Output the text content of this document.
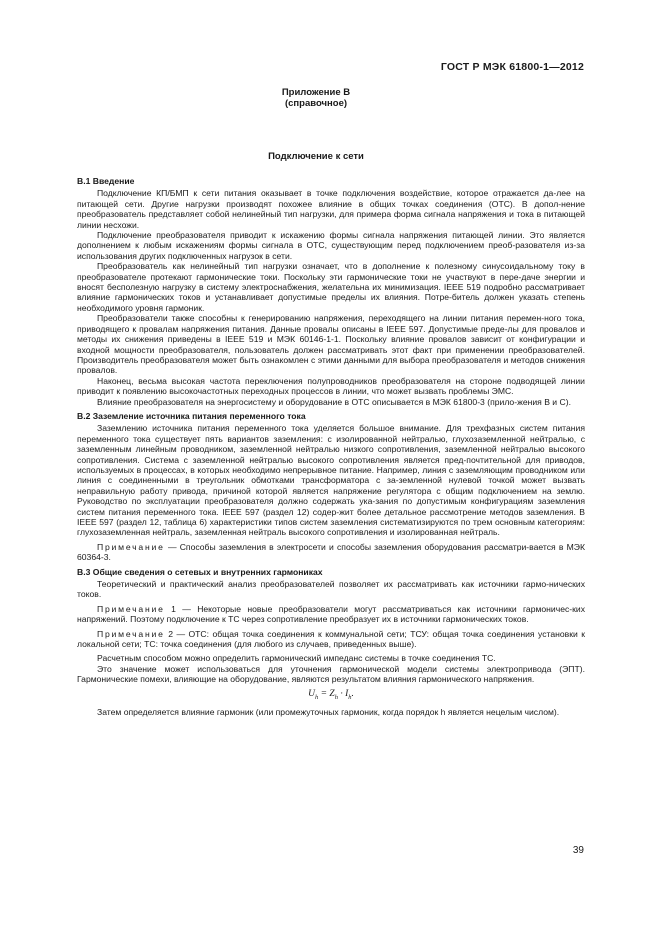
ГОСТ Р МЭК 61800-1—2012
Приложение В
(справочное)
Подключение к сети
В.1 Введение

Подключение КП/БМП к сети питания оказывает в точке подключения воздействие, которое отражается да-лее на питающей сети. Другие нагрузки производят похожее влияние в общих точках соединения (ОТС). В допол-нение преобразователь представляет собой нелинейный тип нагрузки, для примера форма сигнала напряжения и тока в питающей линии несхожи.

Подключение преобразователя приводит к искажению формы сигнала напряжения питающей линии. Это является дополнением к любым искажениям формы сигнала в ОТС, существующим перед подключением преоб-разователя из-за использования других подключенных нагрузок в сети.

Преобразователь как нелинейный тип нагрузки означает, что в дополнение к полезному синусоидальному току в преобразователе протекают гармонические токи. Поскольку эти гармонические токи не участвуют в пере-даче энергии и вносят бесполезную нагрузку в систему электроснабжения, желательна их минимизация. IEEE 519 подробно рассматривает влияние гармонических токов и устанавливает допустимые пределы их влияния. Потре-битель должен указать степень необходимого уровня гармоник.

Преобразователи также способны к генерированию напряжения, переходящего на линии питания перемен-ного тока, приводящего к провалам напряжения питания. Данные провалы описаны в IEEE 597. Допустимые преде-лы для провалов и методы их снижения приведены в IEEE 519 и МЭК 60146-1-1. Поскольку влияние провалов зависит от конфигурации и входной мощности преобразователя, пользователь должен рассматривать этот факт при применении преобразователей. Производитель преобразователя может быть ознакомлен с этими данными для выбора преобразователя и методов снижения провалов.

Наконец, весьма высокая частота переключения полупроводников преобразователя на стороне подводящей линии приводит к появлению высокочастотных переходных процессов в линии, что может вызвать проблемы ЭМС.

Влияние преобразователя на энергосистему и оборудование в ОТС описывается в МЭК 61800-3 (прило-жения В и С).

В.2 Заземление источника питания переменного тока

Заземлению источника питания переменного тока уделяется большое внимание. Для трехфазных систем питания переменного тока существует пять вариантов заземления: с изолированной нейтралью, глухозаземленной нейтралью, с заземленным линейным проводником, заземленной нейтралью низкого сопротивления, заземленной нейтралью высокого сопротивления. Система с заземленной нейтралью высокого сопротивления является пред-почтительной для приводов, используемых в процессах, в которых необходимо непрерывное питание. Например, линия с заземляющим проводником или линия с соединенными в треугольник обмотками трансформатора с за-земленной нулевой точкой может вызвать неправильную работу привода, причиной которой является напряжение регулятора с общим подключением на землю. Руководство по эксплуатации преобразователя должно содержать ука-зания по допустимым конфигурациям заземления систем питания переменного тока. IEEE 597 (раздел 12) содер-жит более детальное рассмотрение методов заземления. В IEEE 597 (раздел 12, таблица 6) характеристики типов систем заземления систематизируются по трем основным категориям: глухозаземленная нейтраль, заземленная нейтраль высокого сопротивления и изолированная нейтраль.

Примечание — Способы заземления в электросети и способы заземления оборудования рассматри-вается в МЭК 60364-3.

В.3 Общие сведения о сетевых и внутренних гармониках

Теоретический и практический анализ преобразователей позволяет их рассматривать как источники гармо-нических токов.

Примечание 1 — Некоторые новые преобразователи могут рассматриваться как источники гармоничес-ких напряжений. Поэтому подключение к ТС через сопротивление преобразует их в источники гармонических токов.

Примечание 2 — ОТС: общая точка соединения к коммунальной сети; ТСУ: общая точка соединения установки к локальной сети; ТС: точка соединения (для любого из случаев, приведенных выше).

Расчетным способом можно определить гармонический импеданс системы в точке соединения ТС.

Это значение может использоваться для уточнения гармонической модели системы электропривода (ЭПТ). Гармонические помехи, влияющие на оборудование, являются результатом влияния гармонического напряжения.

$U_h = Z_h \cdot I_h$.

Затем определяется влияние гармоник (или промежуточных гармоник, когда порядок h является нецелым числом).

39
